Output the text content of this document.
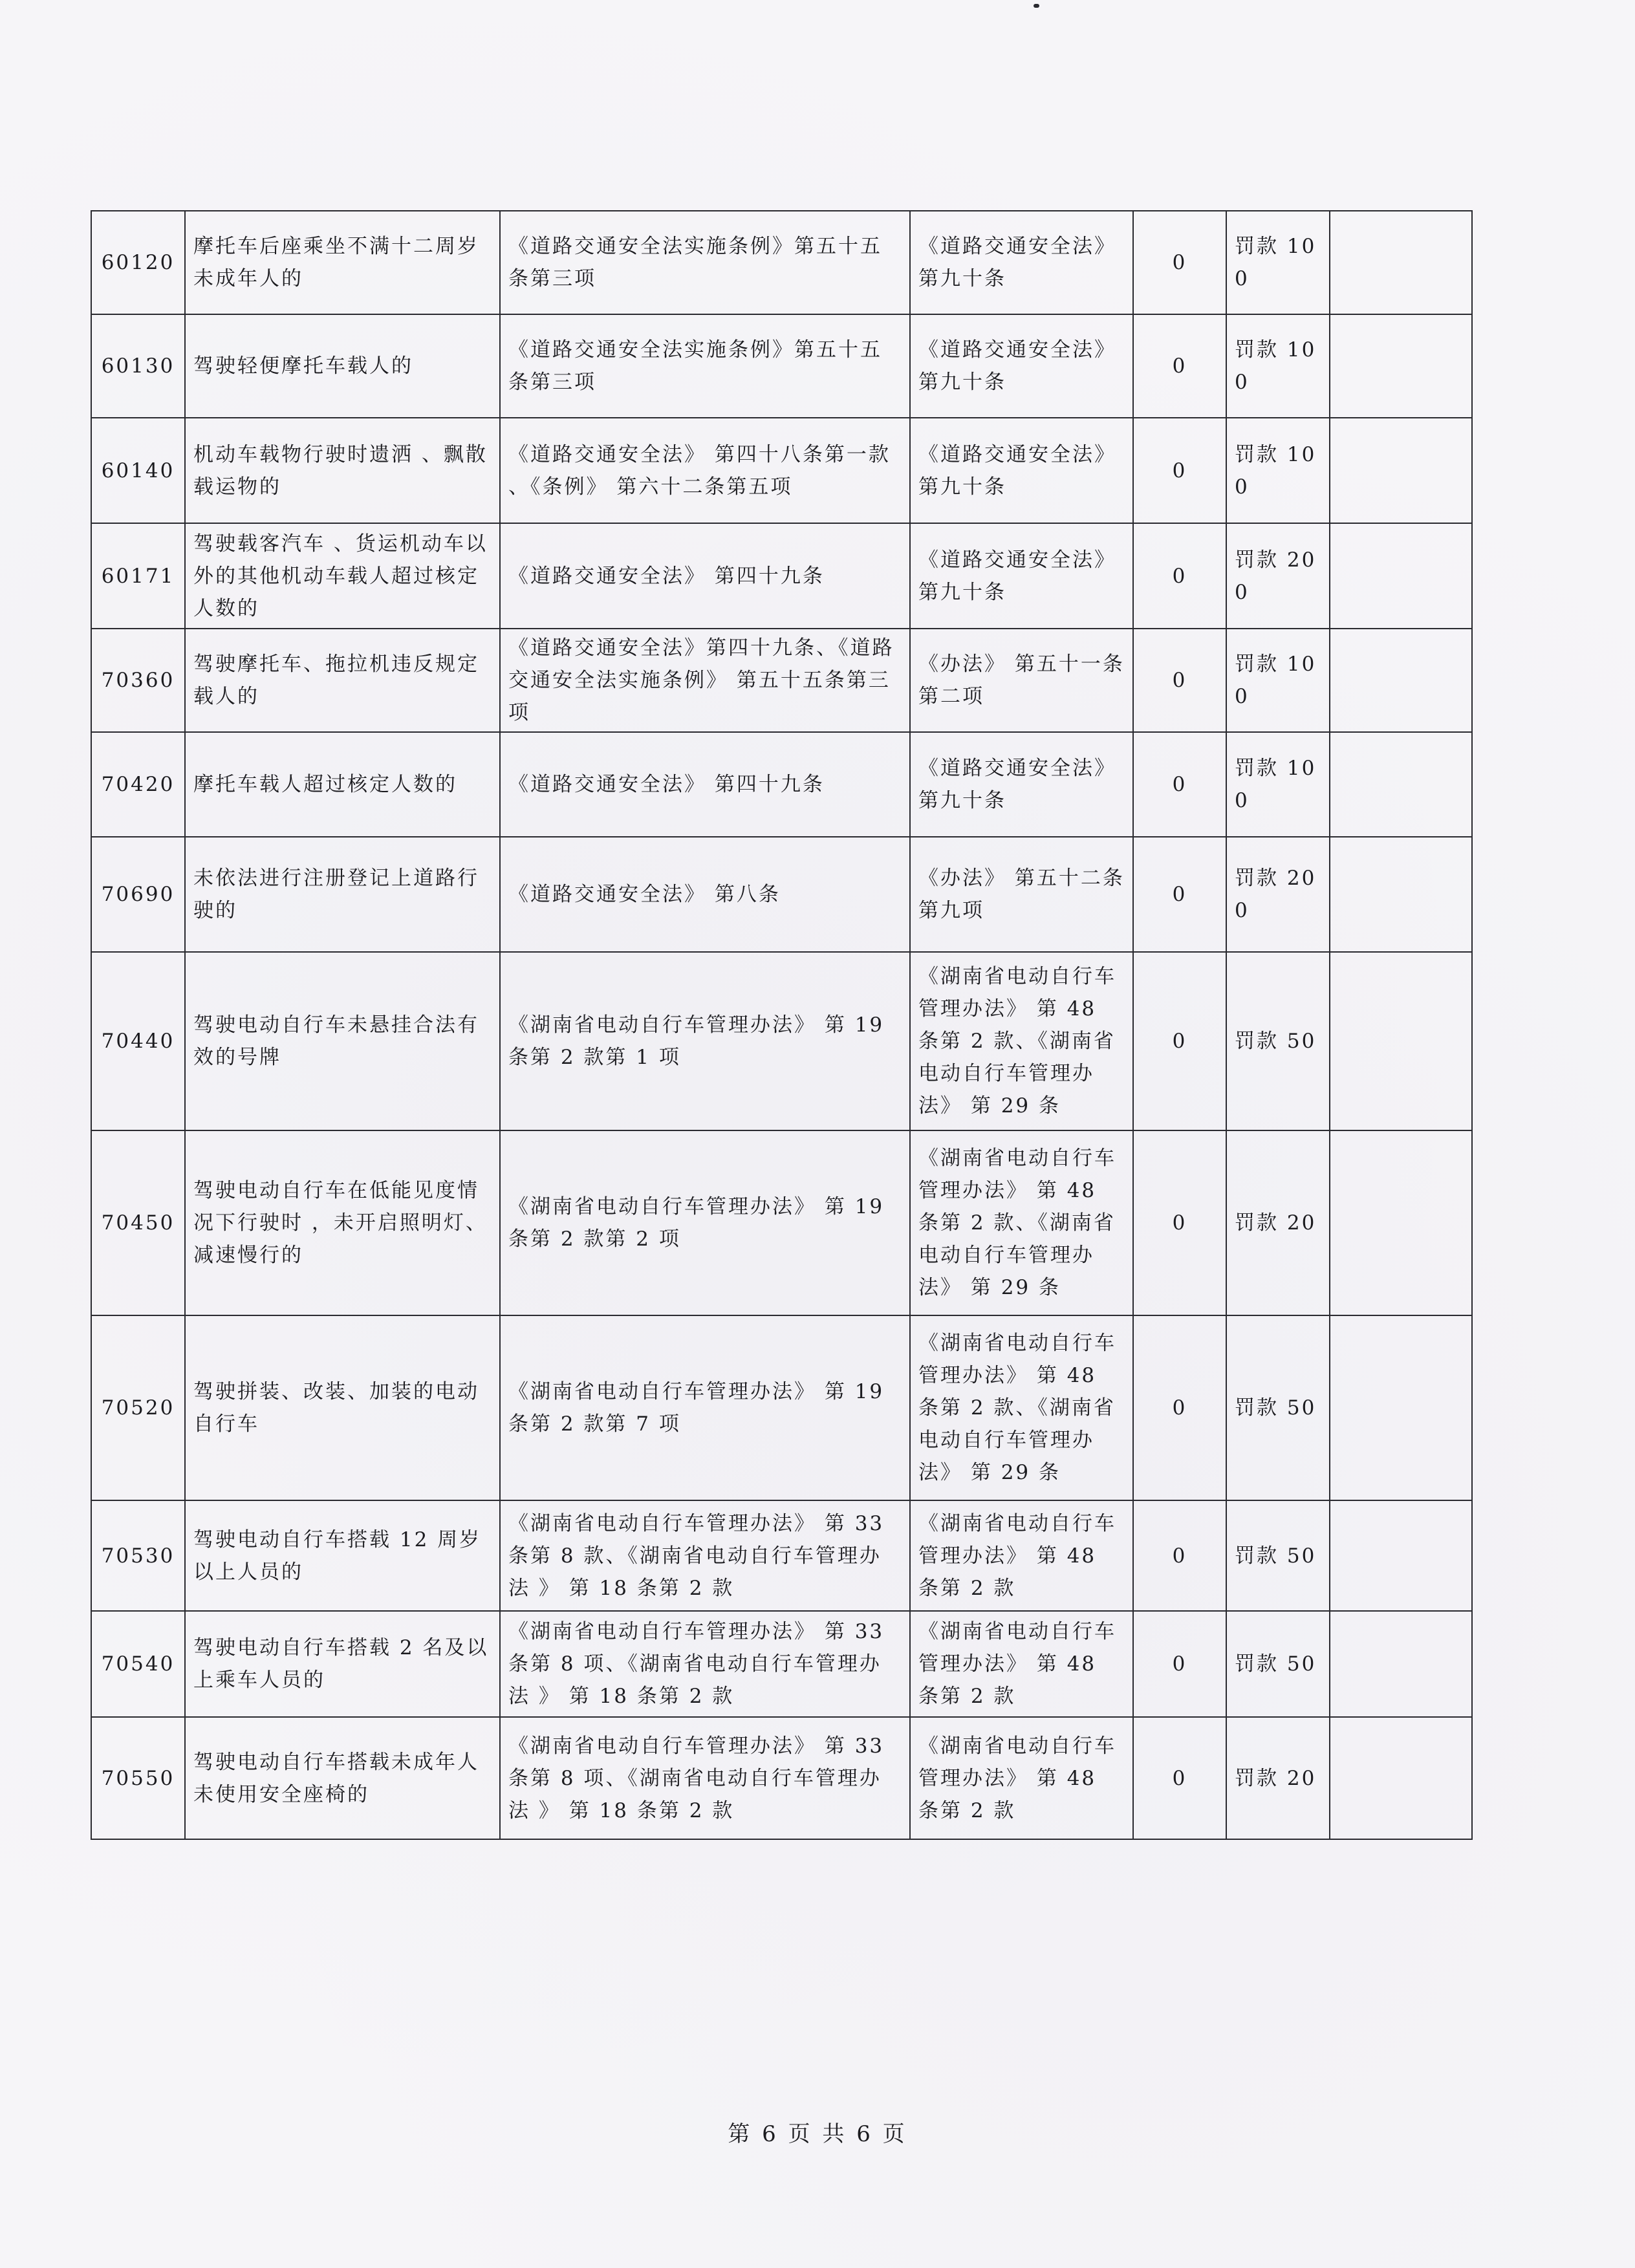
60120	摩托车后座乘坐不满十二周岁未成年人的	《道路交通安全法实施条例》第五十五条第三项	《道路交通安全法》第九十条	0	罚款 100	
60130	驾驶轻便摩托车载人的	《道路交通安全法实施条例》第五十五条第三项	《道路交通安全法》第九十条	0	罚款 100	
60140	机动车载物行驶时遗洒 、飘散载运物的	《道路交通安全法》 第四十八条第一款 、《条例》 第六十二条第五项	《道路交通安全法》第九十条	0	罚款 100	
60171	驾驶载客汽车 、货运机动车以外的其他机动车载人超过核定人数的	《道路交通安全法》 第四十九条	《道路交通安全法》第九十条	0	罚款 200	
70360	驾驶摩托车、拖拉机违反规定载人的	《道路交通安全法》第四十九条、《道路交通安全法实施条例》 第五十五条第三项	《办法》 第五十一条第二项	0	罚款 100	
70420	摩托车载人超过核定人数的	《道路交通安全法》 第四十九条	《道路交通安全法》第九十条	0	罚款 100	
70690	未依法进行注册登记上道路行驶的	《道路交通安全法》 第八条	《办法》 第五十二条第九项	0	罚款 200	
70440	驾驶电动自行车未悬挂合法有效的号牌	《湖南省电动自行车管理办法》 第 19 条第 2 款第 1 项	《湖南省电动自行车管理办法》 第 48 条第 2 款、《湖南省电动自行车管理办法》 第 29 条	0	罚款 50	
70450	驾驶电动自行车在低能见度情况下行驶时 ，未开启照明灯、 减速慢行的	《湖南省电动自行车管理办法》 第 19 条第 2 款第 2 项	《湖南省电动自行车管理办法》 第 48 条第 2 款、《湖南省电动自行车管理办法》 第 29 条	0	罚款 20	
70520	驾驶拼装、改装、加装的电动自行车	《湖南省电动自行车管理办法》 第 19 条第 2 款第 7 项	《湖南省电动自行车管理办法》 第 48 条第 2 款、《湖南省电动自行车管理办法》 第 29 条	0	罚款 50	
70530	驾驶电动自行车搭载 12 周岁以上人员的	《湖南省电动自行车管理办法》 第 33 条第 8 款、《湖南省电动自行车管理办法 》 第 18 条第 2 款	《湖南省电动自行车管理办法》 第 48 条第 2 款	0	罚款 50	
70540	驾驶电动自行车搭载 2 名及以上乘车人员的	《湖南省电动自行车管理办法》 第 33 条第 8 项、《湖南省电动自行车管理办法 》 第 18 条第 2 款	《湖南省电动自行车管理办法》 第 48 条第 2 款	0	罚款 50	
70550	驾驶电动自行车搭载未成年人未使用安全座椅的	《湖南省电动自行车管理办法》 第 33 条第 8 项、《湖南省电动自行车管理办法 》 第 18 条第 2 款	《湖南省电动自行车管理办法》 第 48 条第 2 款	0	罚款 20	
第 6 页 共 6 页
